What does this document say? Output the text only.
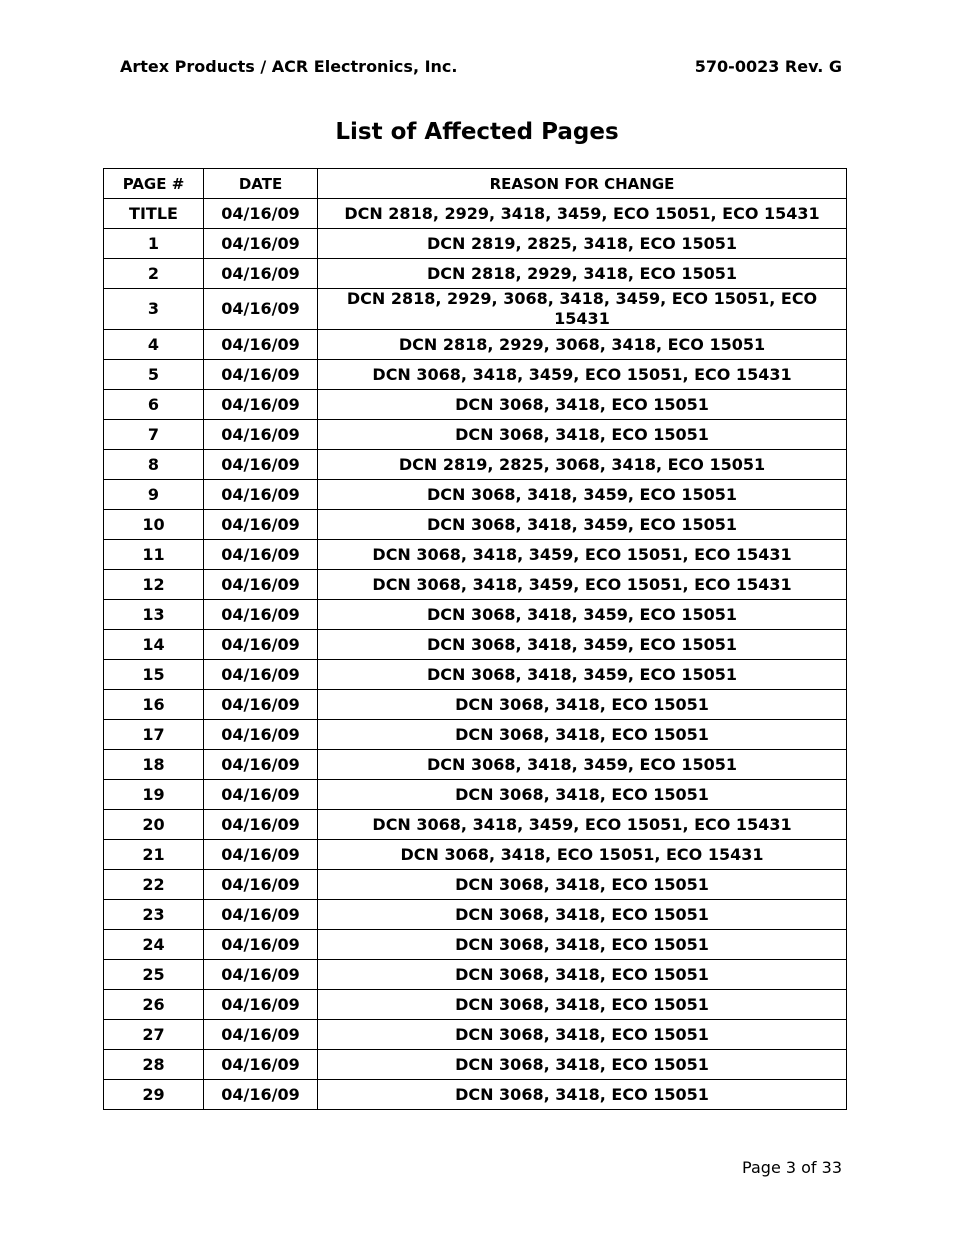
Artex Products / ACR Electronics, Inc.	570-0023 Rev. G
List of Affected Pages
PAGE #	DATE	REASON FOR CHANGE
TITLE	04/16/09	DCN 2818, 2929, 3418, 3459, ECO 15051, ECO 15431
1	04/16/09	DCN 2819, 2825, 3418, ECO 15051
2	04/16/09	DCN 2818, 2929, 3418, ECO 15051
3	04/16/09	DCN 2818, 2929, 3068, 3418, 3459, ECO 15051, ECO 15431
4	04/16/09	DCN 2818, 2929, 3068, 3418, ECO 15051
5	04/16/09	DCN 3068, 3418, 3459, ECO 15051, ECO 15431
6	04/16/09	DCN 3068, 3418, ECO 15051
7	04/16/09	DCN 3068, 3418, ECO 15051
8	04/16/09	DCN 2819, 2825, 3068, 3418, ECO 15051
9	04/16/09	DCN 3068, 3418, 3459, ECO 15051
10	04/16/09	DCN 3068, 3418, 3459, ECO 15051
11	04/16/09	DCN 3068, 3418, 3459, ECO 15051, ECO 15431
12	04/16/09	DCN 3068, 3418, 3459, ECO 15051, ECO 15431
13	04/16/09	DCN 3068, 3418, 3459, ECO 15051
14	04/16/09	DCN 3068, 3418, 3459, ECO 15051
15	04/16/09	DCN 3068, 3418, 3459, ECO 15051
16	04/16/09	DCN 3068, 3418, ECO 15051
17	04/16/09	DCN 3068, 3418, ECO 15051
18	04/16/09	DCN 3068, 3418, 3459, ECO 15051
19	04/16/09	DCN 3068, 3418, ECO 15051
20	04/16/09	DCN 3068, 3418, 3459, ECO 15051, ECO 15431
21	04/16/09	DCN 3068, 3418, ECO 15051, ECO 15431
22	04/16/09	DCN 3068, 3418, ECO 15051
23	04/16/09	DCN 3068, 3418, ECO 15051
24	04/16/09	DCN 3068, 3418, ECO 15051
25	04/16/09	DCN 3068, 3418, ECO 15051
26	04/16/09	DCN 3068, 3418, ECO 15051
27	04/16/09	DCN 3068, 3418, ECO 15051
28	04/16/09	DCN 3068, 3418, ECO 15051
29	04/16/09	DCN 3068, 3418, ECO 15051
Page 3 of 33
